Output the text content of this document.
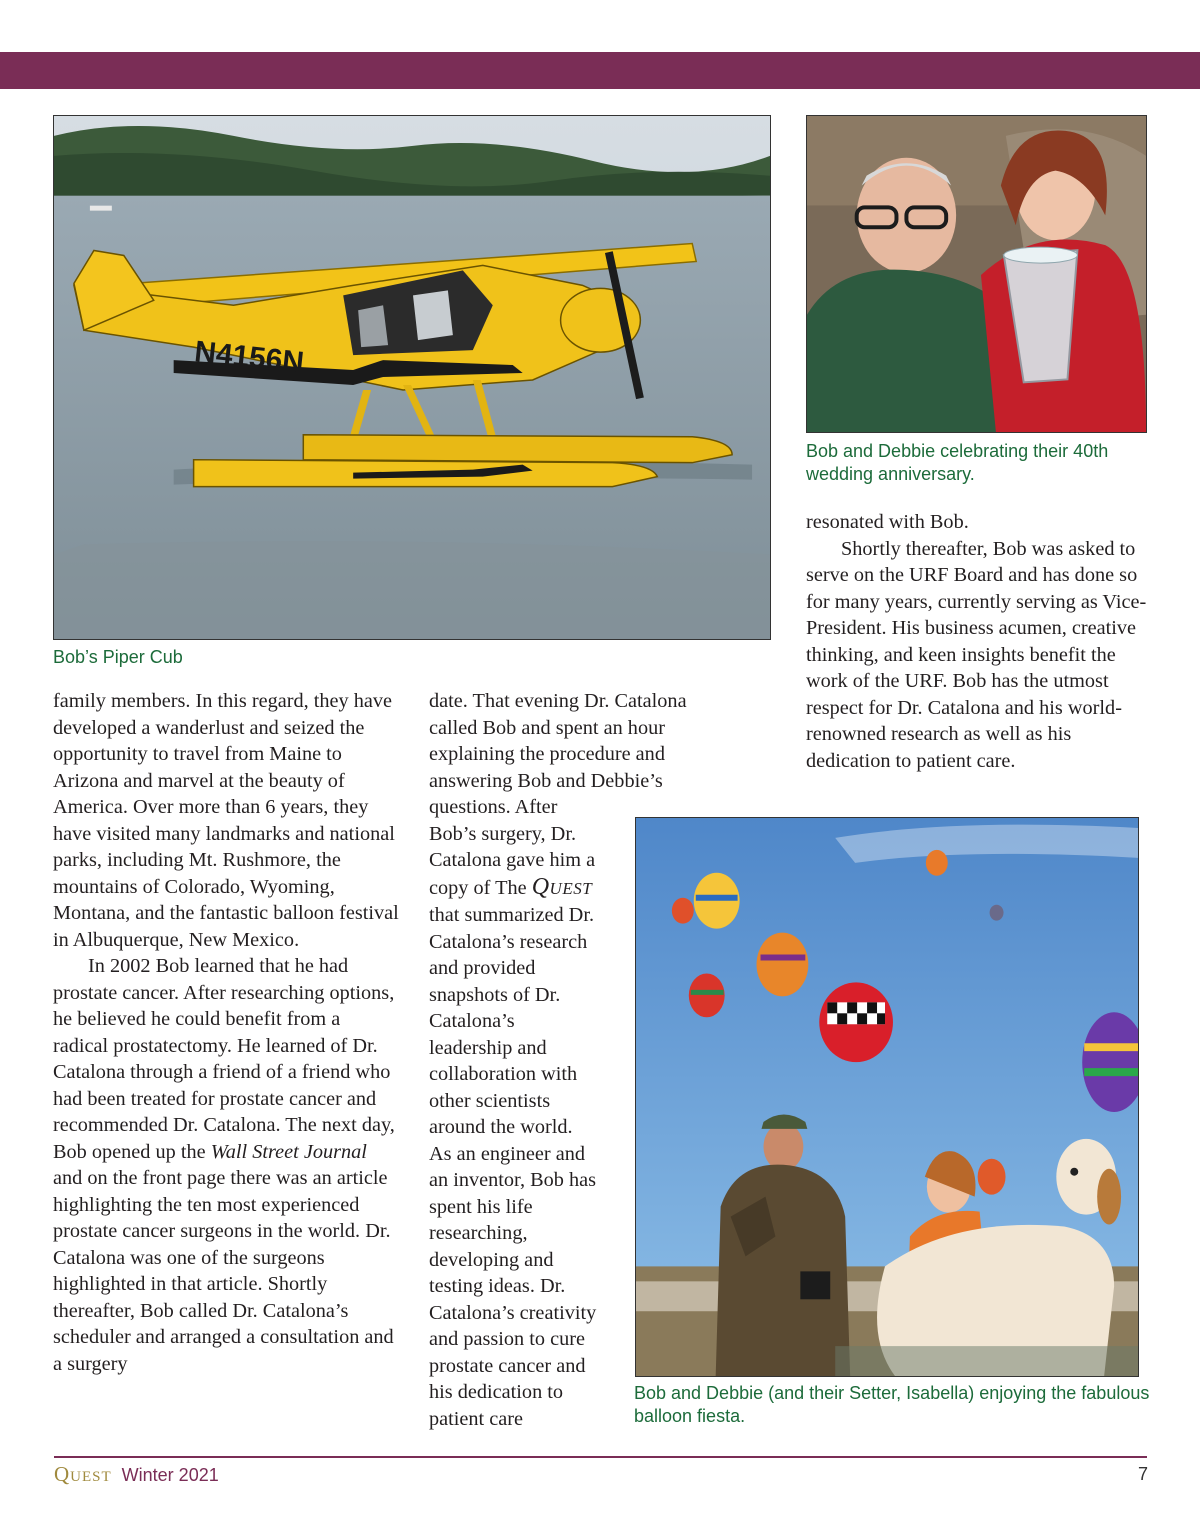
N4156N
Bob’s Piper Cub
Bob and Debbie celebrating their 40th wedding anniversary.
Bob and Debbie (and their Setter, Isabella) enjoying the fabulous balloon fiesta.

family members. In this regard, they have developed a wanderlust and seized the opportunity to travel from Maine to Arizona and marvel at the beauty of America. Over more than 6 years, they have visited many landmarks and national parks, including Mt. Rushmore, the mountains of Colorado, Wyoming, Montana, and the fantastic balloon festival in Albuquerque, New Mexico.

In 2002 Bob learned that he had prostate cancer. After researching options, he believed he could benefit from a radical prostatectomy. He learned of Dr. Catalona through a friend of a friend who had been treated for prostate cancer and recommended Dr. Catalona. The next day, Bob opened up the Wall Street Journal and on the front page there was an article highlighting the ten most experienced prostate cancer surgeons in the world. Dr. Catalona was one of the surgeons highlighted in that article. Shortly thereafter, Bob called Dr. Catalona’s scheduler and arranged a consultation and a surgery

date. That evening Dr. Catalona
called Bob and spent an hour
explaining the procedure and
answering Bob and Debbie’s
questions. After
Bob’s surgery, Dr.
Catalona gave him a
copy of The QUEST
that summarized Dr.
Catalona’s research
and provided
snapshots of Dr.
Catalona’s
leadership and
collaboration with
other scientists
around the world.
As an engineer and
an inventor, Bob has
spent his life
researching,
developing and
testing ideas. Dr.
Catalona’s creativity
and passion to cure
prostate cancer and
his dedication to
patient care

resonated with Bob.

Shortly thereafter, Bob was asked to serve on the URF Board and has done so for many years, currently serving as Vice-President. His business acumen, creative thinking, and keen insights benefit the work of the URF. Bob has the utmost respect for Dr. Catalona and his world-renowned research as well as his dedication to patient care.

QUEST Winter 2021	7
